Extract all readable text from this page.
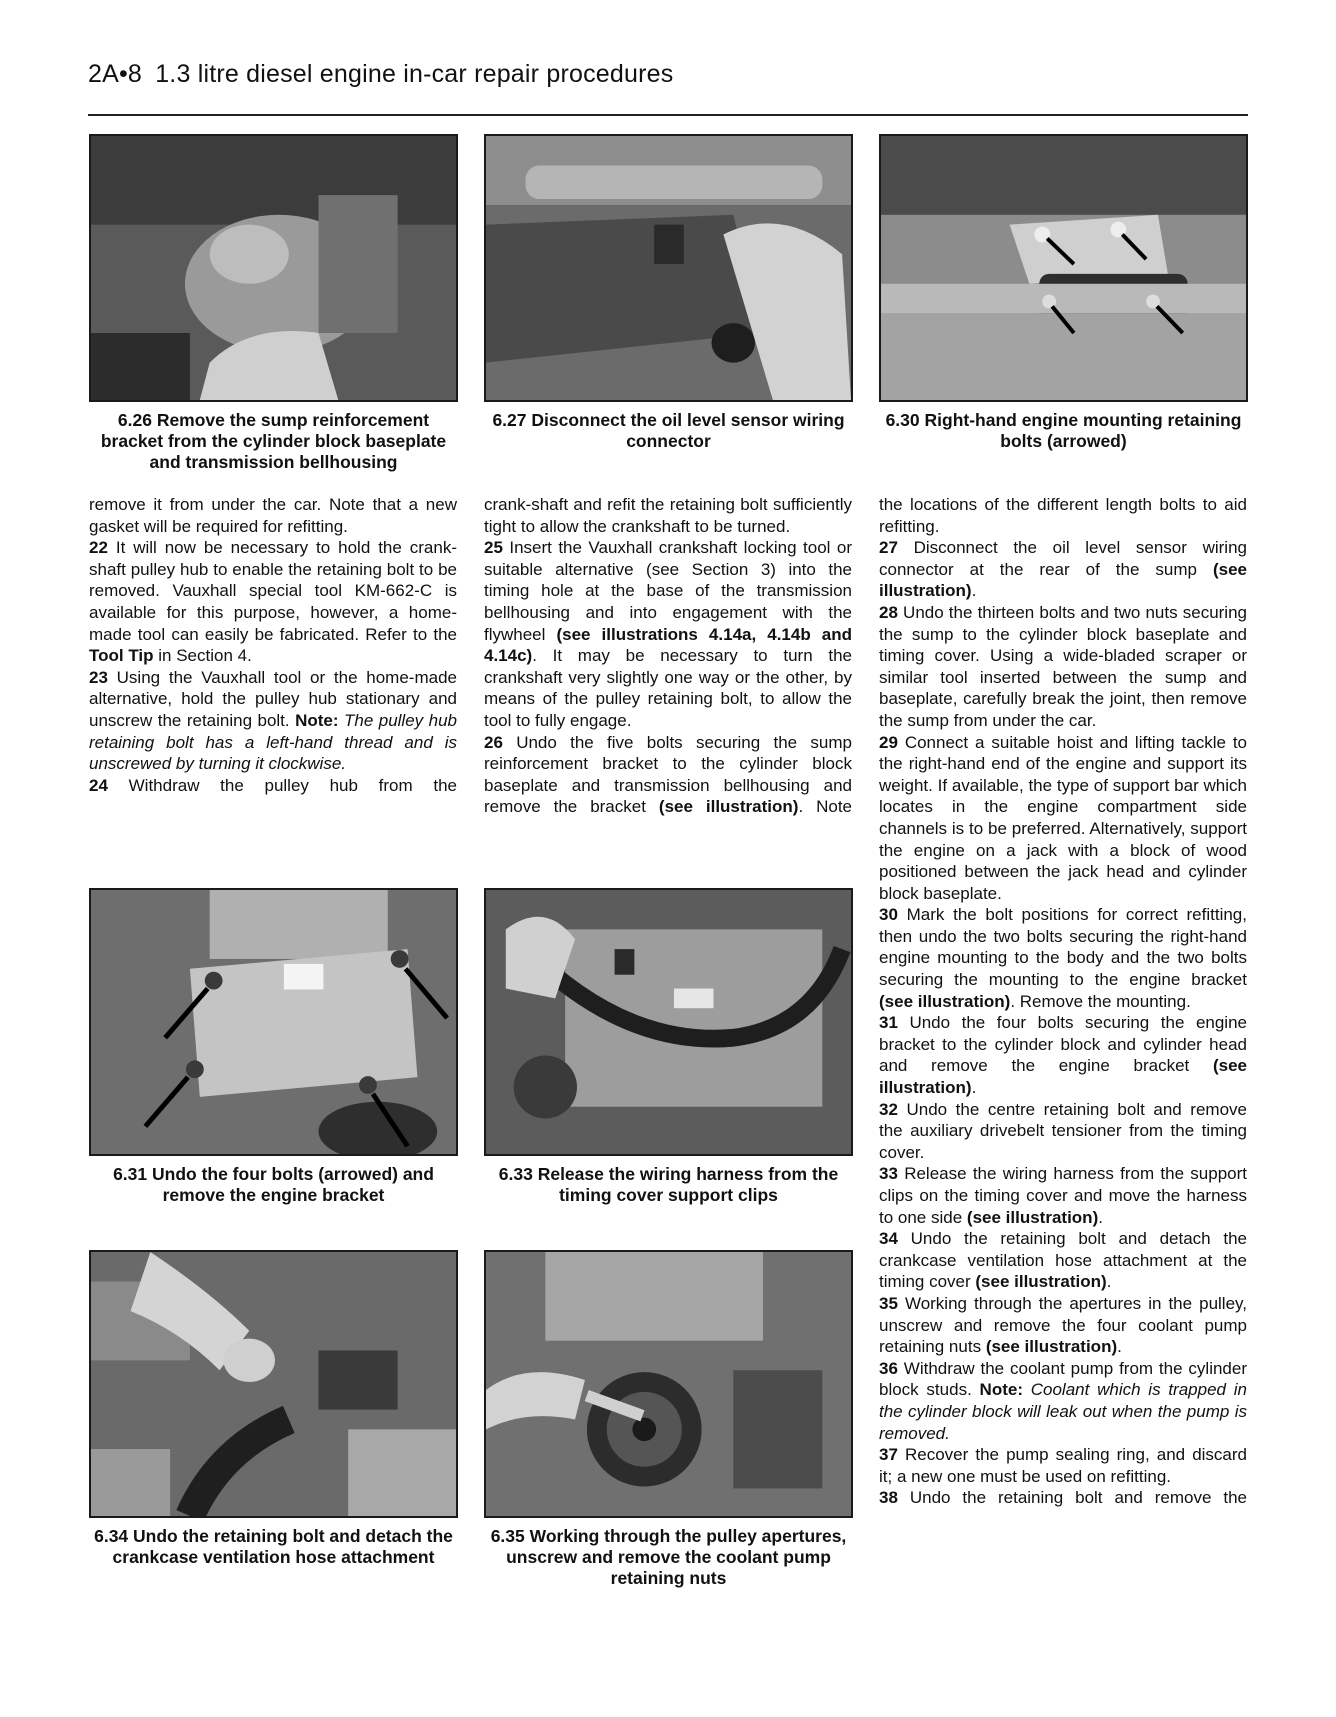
2A•8 1.3 litre diesel engine in-car repair procedures
6.26 Remove the sump reinforcement bracket from the cylinder block baseplate and transmission bellhousing
6.27 Disconnect the oil level sensor wiring connector
6.30 Right-hand engine mounting retaining bolts (arrowed)

remove it from under the car. Note that a new gasket will be required for refitting.

22 It will now be necessary to hold the crank-shaft pulley hub to enable the retaining bolt to be removed. Vauxhall special tool KM-662-C is available for this purpose, however, a home-made tool can easily be fabricated. Refer to the Tool Tip in Section 4.

23 Using the Vauxhall tool or the home-made alternative, hold the pulley hub stationary and unscrew the retaining bolt. Note: The pulley hub retaining bolt has a left-hand thread and is unscrewed by turning it clockwise.

24 Withdraw the pulley hub from the

crank-shaft and refit the retaining bolt sufficiently tight to allow the crankshaft to be turned.

25 Insert the Vauxhall crankshaft locking tool or suitable alternative (see Section 3) into the timing hole at the base of the transmission bellhousing and into engagement with the flywheel (see illustrations 4.14a, 4.14b and 4.14c). It may be necessary to turn the crankshaft very slightly one way or the other, by means of the pulley retaining bolt, to allow the tool to fully engage.

26 Undo the five bolts securing the sump reinforcement bracket to the cylinder block baseplate and transmission bellhousing and remove the bracket (see illustration). Note

the locations of the different length bolts to aid refitting.

27 Disconnect the oil level sensor wiring connector at the rear of the sump (see illustration).

28 Undo the thirteen bolts and two nuts securing the sump to the cylinder block baseplate and timing cover. Using a wide-bladed scraper or similar tool inserted between the sump and baseplate, carefully break the joint, then remove the sump from under the car.

29 Connect a suitable hoist and lifting tackle to the right-hand end of the engine and support its weight. If available, the type of support bar which locates in the engine compartment side channels is to be preferred. Alternatively, support the engine on a jack with a block of wood positioned between the jack head and cylinder block baseplate.

30 Mark the bolt positions for correct refitting, then undo the two bolts securing the right-hand engine mounting to the body and the two bolts securing the mounting to the engine bracket (see illustration). Remove the mounting.

31 Undo the four bolts securing the engine bracket to the cylinder block and cylinder head and remove the engine bracket (see illustration).

32 Undo the centre retaining bolt and remove the auxiliary drivebelt tensioner from the timing cover.

33 Release the wiring harness from the support clips on the timing cover and move the harness to one side (see illustration).

34 Undo the retaining bolt and detach the crankcase ventilation hose attachment at the timing cover (see illustration).

35 Working through the apertures in the pulley, unscrew and remove the four coolant pump retaining nuts (see illustration).

36 Withdraw the coolant pump from the cylinder block studs. Note: Coolant which is trapped in the cylinder block will leak out when the pump is removed.

37 Recover the pump sealing ring, and discard it; a new one must be used on refitting.

38 Undo the retaining bolt and remove the

6.31 Undo the four bolts (arrowed) and remove the engine bracket
6.33 Release the wiring harness from the timing cover support clips
6.34 Undo the retaining bolt and detach the crankcase ventilation hose attachment
6.35 Working through the pulley apertures, unscrew and remove the coolant pump retaining nuts
